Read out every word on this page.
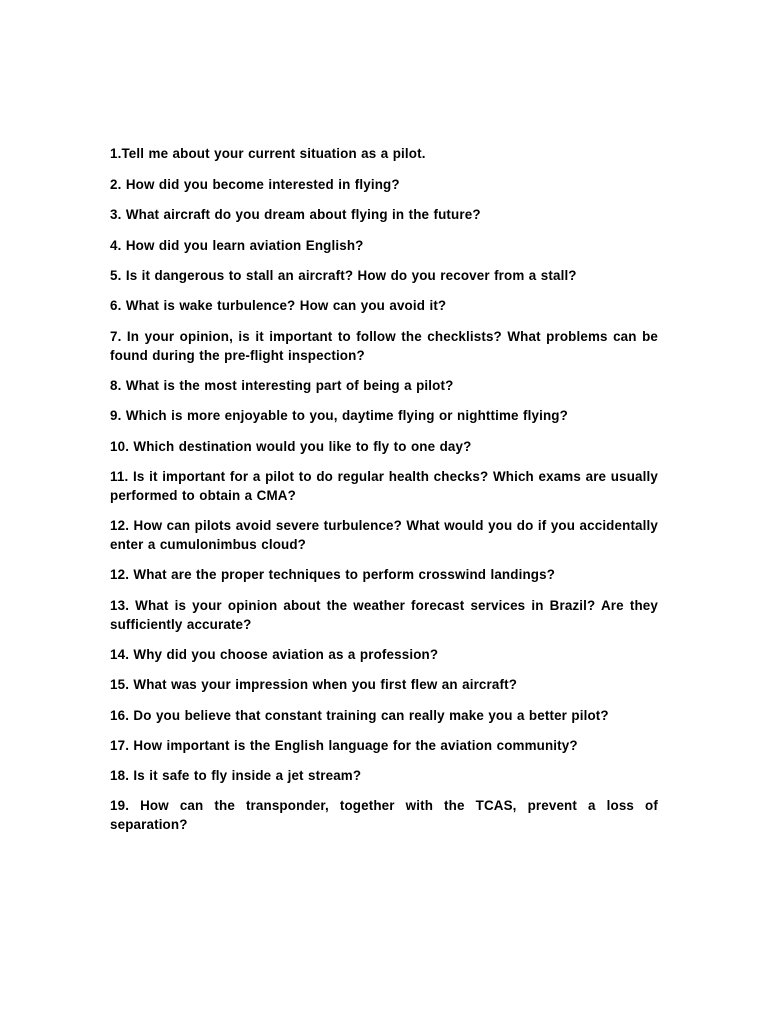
1.Tell me about your current situation as a pilot.
2. How did you become interested in flying?
3. What aircraft do you dream about flying in the future?
4. How did you learn aviation English?
5. Is it dangerous to stall an aircraft? How do you recover from a stall?
6. What is wake turbulence? How can you avoid it?
7. In your opinion, is it important to follow the checklists? What problems can be found during the pre-flight inspection?
8. What is the most interesting part of being a pilot?
9. Which is more enjoyable to you, daytime flying or nighttime flying?
10. Which destination would you like to fly to one day?
11. Is it important for a pilot to do regular health checks? Which exams are usually performed to obtain a CMA?
12. How can pilots avoid severe turbulence? What would you do if you accidentally enter a cumulonimbus cloud?
12. What are the proper techniques to perform crosswind landings?
13. What is your opinion about the weather forecast services in Brazil? Are they sufficiently accurate?
14. Why did you choose aviation as a profession?
15. What was your impression when you first flew an aircraft?
16. Do you believe that constant training can really make you a better pilot?
17. How important is the English language for the aviation community?
18. Is it safe to fly inside a jet stream?
19. How can the transponder, together with the TCAS, prevent a loss of separation?
